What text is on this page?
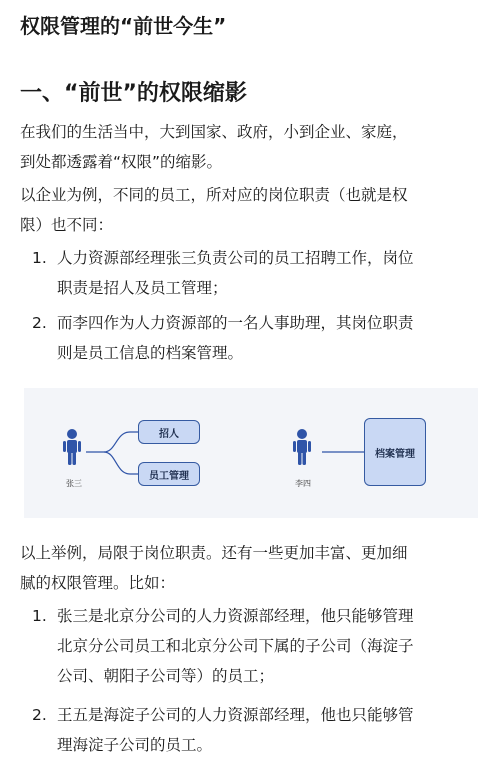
权限管理的“前世今生”
一、“前世”的权限缩影
在我们的生活当中，大到国家、政府，小到企业、家庭，
到处都透露着“权限”的缩影。
以企业为例，不同的员工，所对应的岗位职责（也就是权
限）也不同：
1. 人力资源部经理张三负责公司的员工招聘工作，岗位
职责是招人及员工管理；
2. 而李四作为人力资源部的一名人事助理，其岗位职责
则是员工信息的档案管理。
招人
员工管理
档案管理
张三	李四
以上举例，局限于岗位职责。还有一些更加丰富、更加细
腻的权限管理。比如：
1. 张三是北京分公司的人力资源部经理，他只能够管理
北京分公司员工和北京分公司下属的子公司（海淀子
公司、朝阳子公司等）的员工；
2. 王五是海淀子公司的人力资源部经理，他也只能够管
理海淀子公司的员工。
